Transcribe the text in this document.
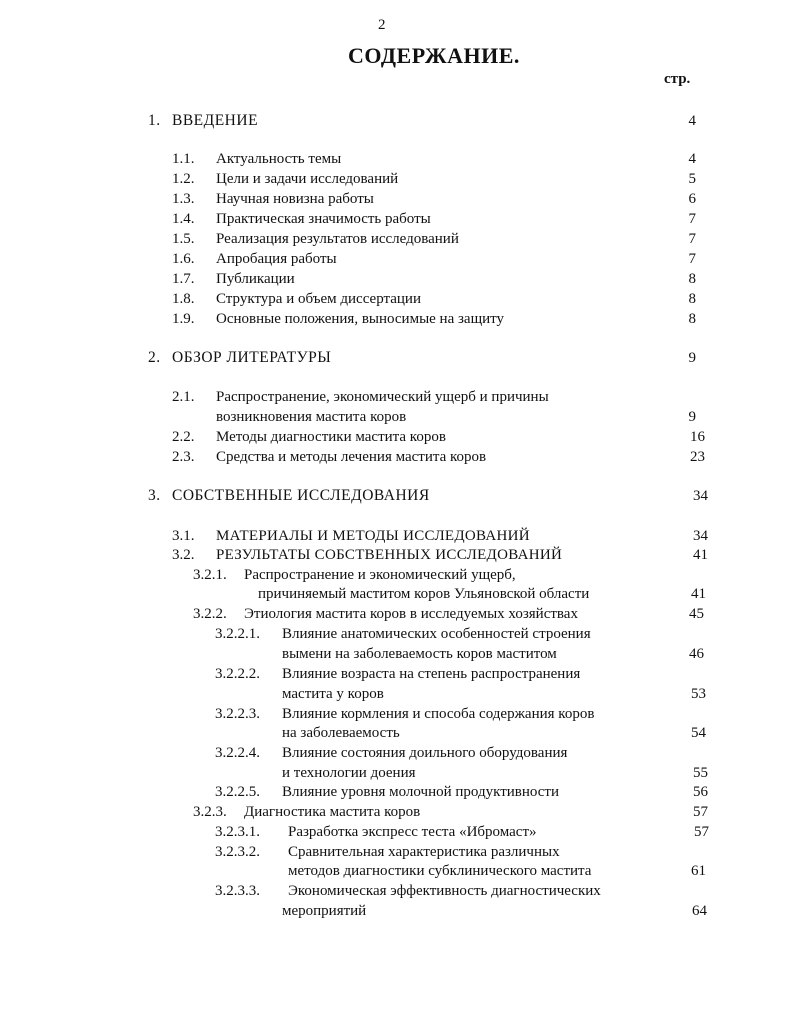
2
СОДЕРЖАНИЕ.
стр.
1. ВВЕДЕНИЕ	4
1.1. Актуальность темы	4
1.2. Цели и задачи исследований	5
1.3. Научная новизна работы	6
1.4. Практическая значимость работы	7
1.5. Реализация результатов исследований	7
1.6. Апробация работы	7
1.7. Публикации	8
1.8. Структура и объем диссертации	8
1.9. Основные положения, выносимые на защиту	8
2. ОБЗОР ЛИТЕРАТУРЫ	9
2.1. Распространение, экономический ущерб и причины
возникновения мастита коров	9
2.2. Методы диагностики мастита коров	16
2.3. Средства и методы лечения мастита коров	23
3. СОБСТВЕННЫЕ ИССЛЕДОВАНИЯ	34
3.1. МАТЕРИАЛЫ И МЕТОДЫ ИССЛЕДОВАНИЙ	34
3.2. РЕЗУЛЬТАТЫ СОБСТВЕННЫХ ИССЛЕДОВАНИЙ	41
3.2.1. Распространение и экономический ущерб,
причиняемый маститом коров Ульяновской области	41
3.2.2. Этиология мастита коров в исследуемых хозяйствах	45
3.2.2.1. Влияние анатомических особенностей строения
вымени на заболеваемость коров маститом	46
3.2.2.2. Влияние возраста на степень распространения
мастита у коров	53
3.2.2.3. Влияние кормления и способа содержания коров
на заболеваемость	54
3.2.2.4. Влияние состояния доильного оборудования
и технологии доения	55
3.2.2.5. Влияние уровня молочной продуктивности	56
3.2.3. Диагностика мастита коров	57
3.2.3.1. Разработка экспресс теста «Ибромаст»	57
3.2.3.2. Сравнительная характеристика различных
методов диагностики субклинического мастита	61
3.2.3.3. Экономическая эффективность диагностических
мероприятий	64
